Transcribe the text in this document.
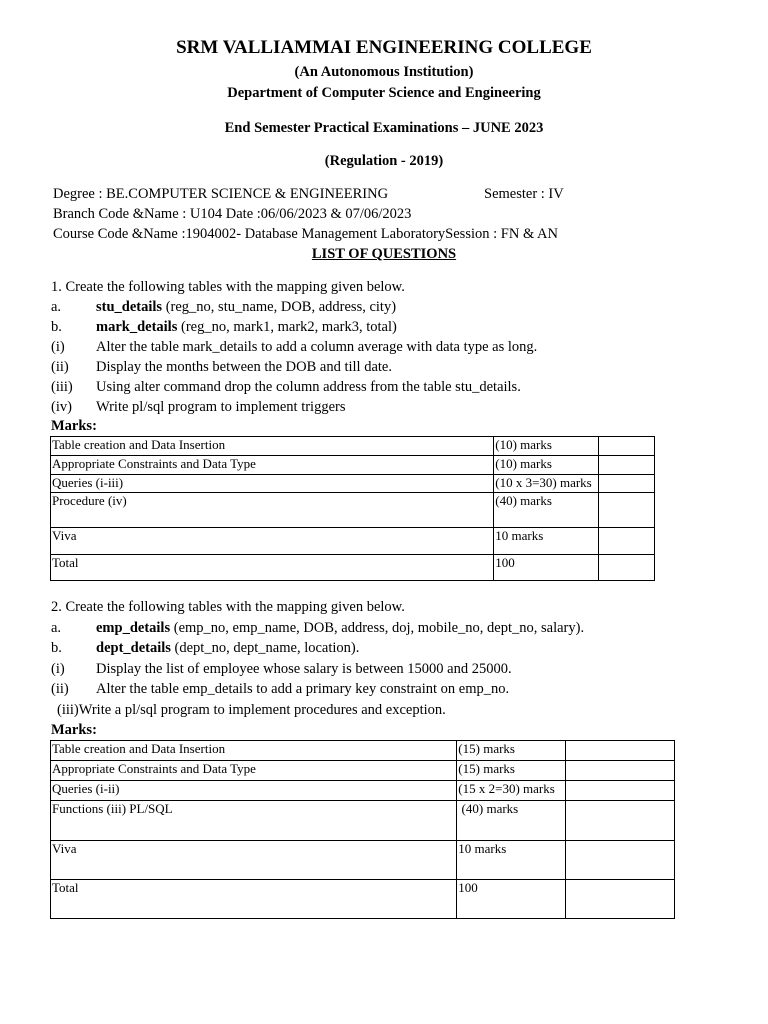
SRM VALLIAMMAI ENGINEERING COLLEGE
(An Autonomous Institution)
Department of Computer Science and Engineering
End Semester Practical Examinations – JUNE 2023
(Regulation - 2019)
Degree : BE.COMPUTER SCIENCE & ENGINEERING	Semester : IV
Branch Code &Name : U104 Date :06/06/2023 & 07/06/2023
Course Code &Name :1904002- Database Management LaboratorySession : FN & AN
LIST OF QUESTIONS
1. Create the following tables with the mapping given below.
a. stu_details (reg_no, stu_name, DOB, address, city)
b. mark_details (reg_no, mark1, mark2, mark3, total)
(i) Alter the table mark_details to add a column average with data type as long.
(ii) Display the months between the DOB and till date.
(iii) Using alter command drop the column address from the table stu_details.
(iv) Write pl/sql program to implement triggers
Marks:
Table creation and Data Insertion	(10) marks	
Appropriate Constraints and Data Type	(10) marks	
Queries (i-iii)	(10 x 3=30) marks	
Procedure (iv)	(40) marks	
Viva	10 marks	
Total	100	
2. Create the following tables with the mapping given below.
a. emp_details (emp_no, emp_name, DOB, address, doj, mobile_no, dept_no, salary).
b. dept_details (dept_no, dept_name, location).
(i) Display the list of employee whose salary is between 15000 and 25000.
(ii) Alter the table emp_details to add a primary key constraint on emp_no.
(iii)Write a pl/sql program to implement procedures and exception.
Marks:
Table creation and Data Insertion	(15) marks	
Appropriate Constraints and Data Type	(15) marks	
Queries (i-ii)	(15 x 2=30) marks	
Functions (iii) PL/SQL	(40) marks	
Viva	10 marks	
Total	100	
